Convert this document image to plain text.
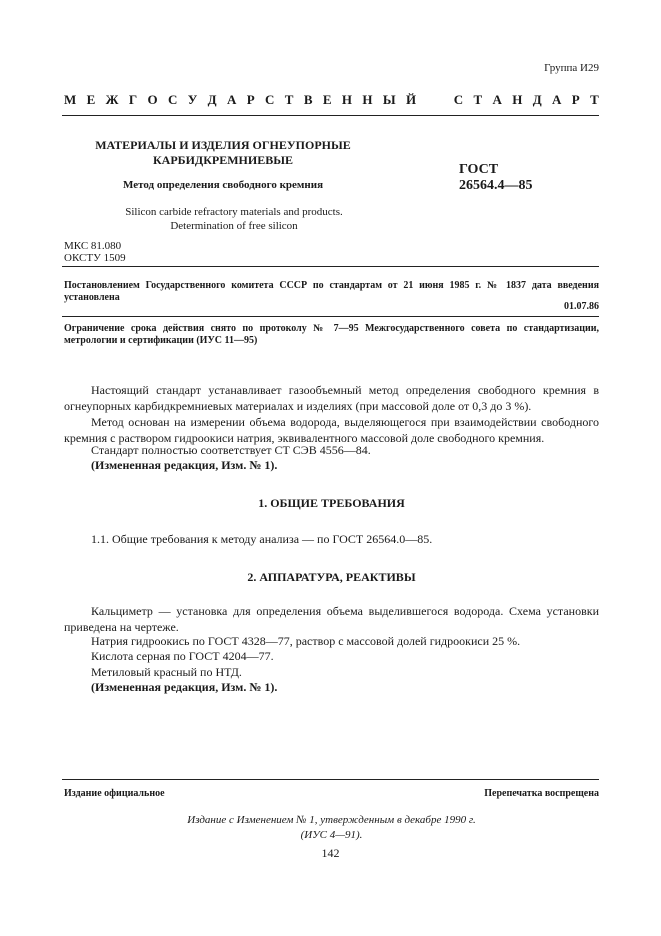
Группа И29
М Е Ж Г О С У Д А Р С Т В Е Н Н Ы Й

	С Т А Н Д А Р Т
МАТЕРИАЛЫ И ИЗДЕЛИЯ ОГНЕУПОРНЫЕ
КАРБИДКРЕМНИЕВЫЕ
Метод определения свободного кремния
Silicon carbide refractory materials and products.
Determination of free silicon
ГОСТ
26564.4—85
МКС 81.080
ОКСТУ 1509
Постановлением Государственного комитета СССР по стандартам от 21 июня 1985 г. № 1837 дата введения установлена
01.07.86
Ограничение срока действия снято по протоколу № 7—95 Межгосударственного совета по стандартизации, метрологии и сертификации (ИУС 11—95)
Настоящий стандарт устанавливает газообъемный метод определения свободного кремния в огнеупорных карбидкремниевых материалах и изделиях (при массовой доле от 0,3 до 3 %).
Метод основан на измерении объема водорода, выделяющегося при взаимодействии свободного кремния с раствором гидроокиси натрия, эквивалентного массовой доле свободного кремния.
Стандарт полностью соответствует СТ СЭВ 4556—84.
(Измененная редакция, Изм. № 1).
1. ОБЩИЕ ТРЕБОВАНИЯ
1.1. Общие требования к методу анализа — по ГОСТ 26564.0—85.
2. АППАРАТУРА, РЕАКТИВЫ
Кальциметр — установка для определения объема выделившегося водорода. Схема установки приведена на чертеже.
Натрия гидроокись по ГОСТ 4328—77, раствор с массовой долей гидроокиси 25 %.
Кислота серная по ГОСТ 4204—77.
Метиловый красный по НТД.
(Измененная редакция, Изм. № 1).
Издание официальное	Перепечатка воспрещена
Издание с Изменением № 1, утвержденным в декабре 1990 г.
(ИУС 4—91).
142
